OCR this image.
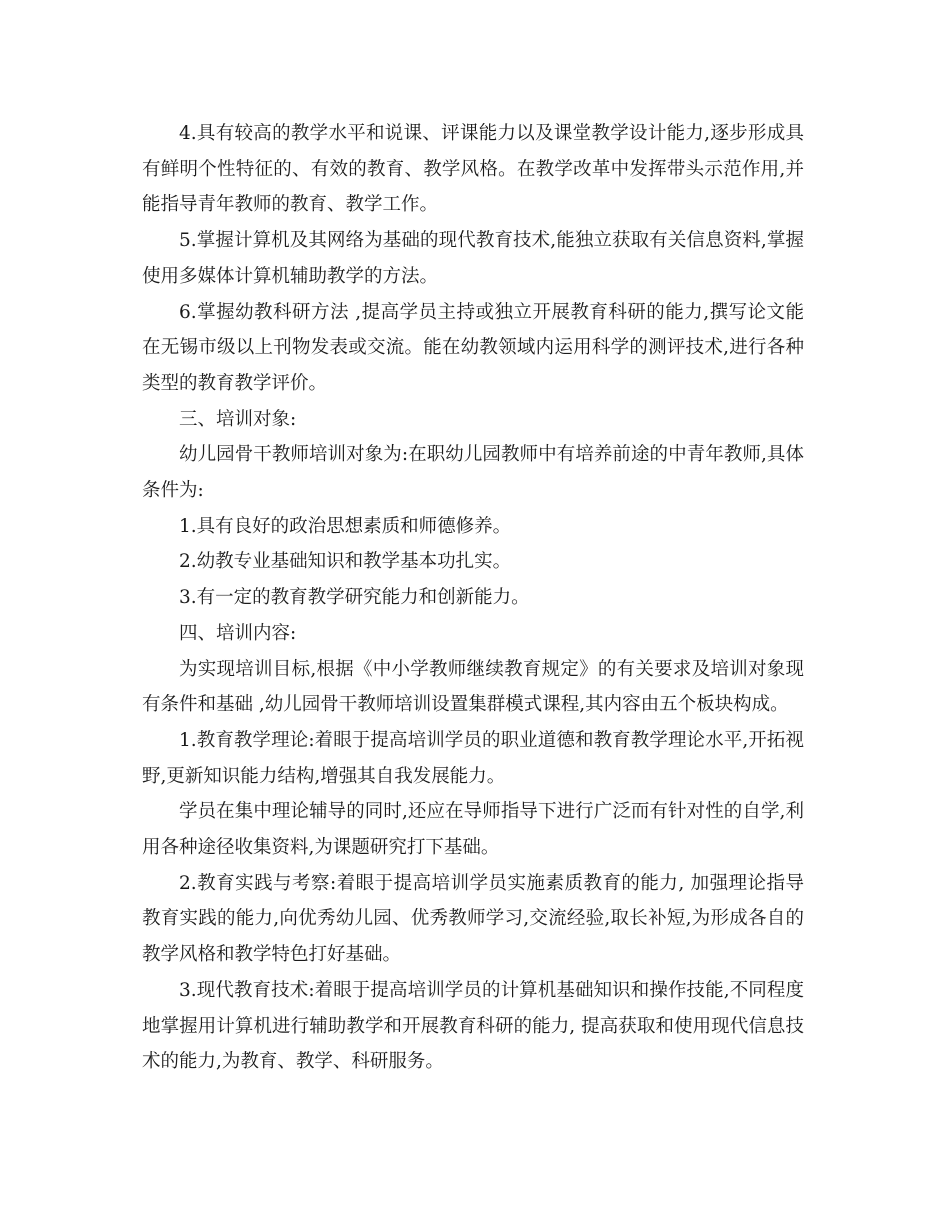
4.具有较高的教学水平和说课、评课能力以及课堂教学设计能力,逐步形成具有鲜明个性特征的、有效的教育、教学风格。在教学改革中发挥带头示范作用,并能指导青年教师的教育、教学工作。

5.掌握计算机及其网络为基础的现代教育技术,能独立获取有关信息资料,掌握使用多媒体计算机辅助教学的方法。

6.掌握幼教科研方法 ,提高学员主持或独立开展教育科研的能力,撰写论文能在无锡市级以上刊物发表或交流。能在幼教领域内运用科学的测评技术,进行各种类型的教育教学评价。

三、培训对象:

幼儿园骨干教师培训对象为:在职幼儿园教师中有培养前途的中青年教师,具体条件为:

1.具有良好的政治思想素质和师德修养。

2.幼教专业基础知识和教学基本功扎实。

3.有一定的教育教学研究能力和创新能力。

四、培训内容:

为实现培训目标,根据《中小学教师继续教育规定》的有关要求及培训对象现有条件和基础 ,幼儿园骨干教师培训设置集群模式课程,其内容由五个板块构成。

1.教育教学理论:着眼于提高培训学员的职业道德和教育教学理论水平,开拓视野,更新知识能力结构,增强其自我发展能力。

学员在集中理论辅导的同时,还应在导师指导下进行广泛而有针对性的自学,利用各种途径收集资料,为课题研究打下基础。

2.教育实践与考察:着眼于提高培训学员实施素质教育的能力, 加强理论指导教育实践的能力,向优秀幼儿园、优秀教师学习,交流经验,取长补短,为形成各自的教学风格和教学特色打好基础。

3.现代教育技术:着眼于提高培训学员的计算机基础知识和操作技能,不同程度地掌握用计算机进行辅助教学和开展教育科研的能力, 提高获取和使用现代信息技术的能力,为教育、教学、科研服务。
